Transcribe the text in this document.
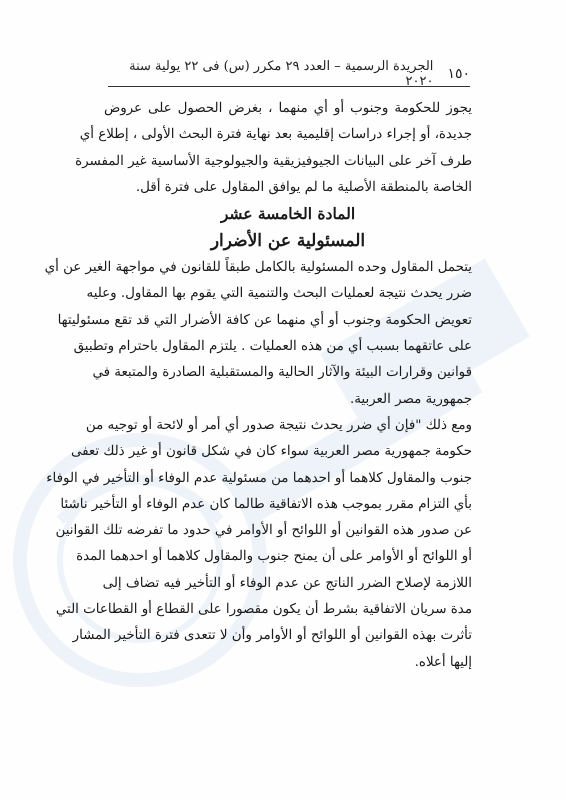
١٥٠
الجريدة الرسمية – العدد ٢٩ مكرر (س) فى ٢٢ يولية سنة ٢٠٢٠
يجوز للحكومة وجنوب أو أي منهما ، بغرض الحصول على عروض
جديدة، أو إجراء دراسات إقليمية بعد نهاية فترة البحث الأولى ، إطلاع أي
طرف آخر على البيانات الجيوفيزيقية والجيولوجية الأساسية غير المفسرة
الخاصة بالمنطقة الأصلية ما لم يوافق المقاول على فترة أقل.
المادة الخامسة عشر
المسئولية عن الأضرار
يتحمل المقاول وحده المسئولية بالكامل طبقاً للقانون في مواجهة الغير عن أي
ضرر يحدث نتيجة لعمليات البحث والتنمية التي يقوم بها المقاول. وعليه
تعويض الحكومة وجنوب أو أي منهما عن كافة الأضرار التي قد تقع مسئوليتها
على عاتقهما بسبب أي من هذه العمليات . يلتزم المقاول باحترام وتطبيق
قوانين وقرارات البيئة والآثار الحالية والمستقبلية الصادرة والمتبعة في
جمهورية مصر العربية.
ومع ذلك "فإن أي ضرر يحدث نتيجة صدور أي أمر أو لائحة أو توجيه من
حكومة جمهورية مصر العربية سواء كان في شكل قانون أو غير ذلك تعفى
جنوب والمقاول كلاهما أو احدهما من مسئولية عدم الوفاء أو التأخير في الوفاء
بأي التزام مقرر بموجب هذه الاتفاقية طالما كان عدم الوفاء أو التأخير ناشئا
عن صدور هذه القوانين أو اللوائح أو الأوامر في حدود ما تفرضه تلك القوانين
أو اللوائح أو الأوامر على أن يمنح جنوب والمقاول كلاهما أو احدهما المدة
اللازمة لإصلاح الضرر الناتج عن عدم الوفاء أو التأخير فيه تضاف إلى
مدة سريان الاتفاقية بشرط أن يكون مقصورا على القطاع أو القطاعات التي
تأثرت بهذه القوانين أو اللوائح أو الأوامر وأن لا تتعدى فترة التأخير المشار
إليها أعلاه.
